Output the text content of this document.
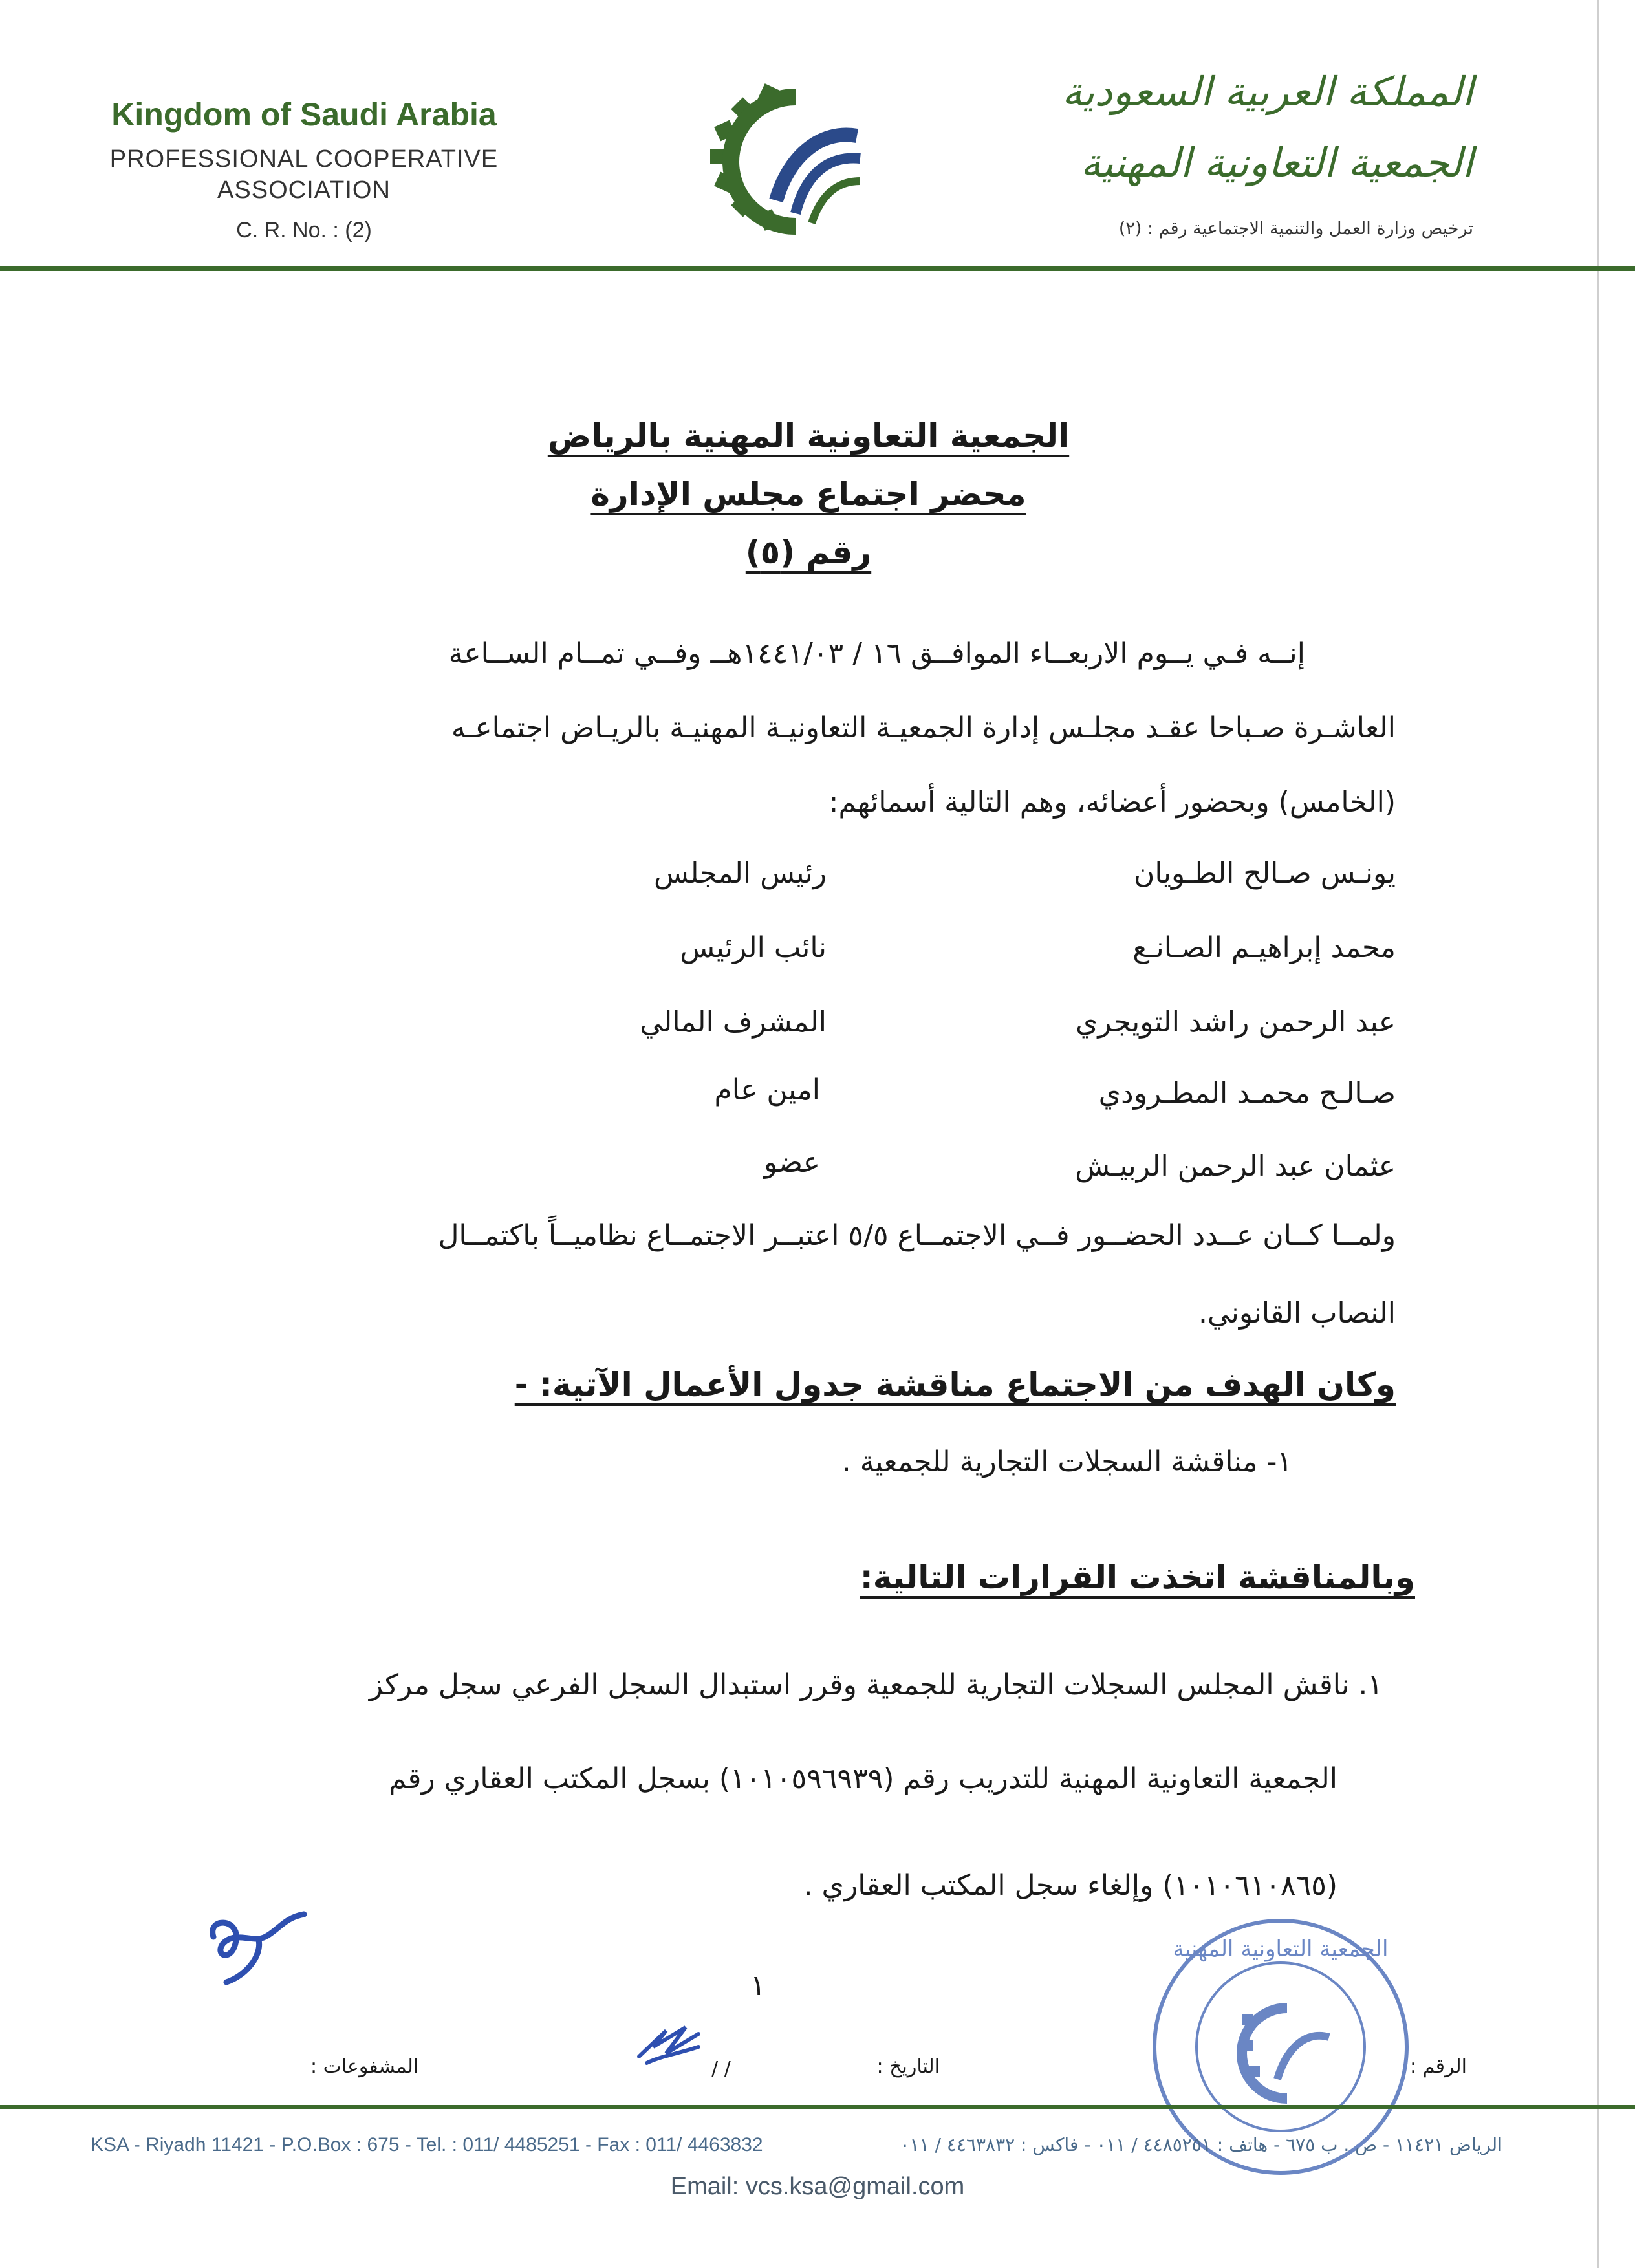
Kingdom of Saudi Arabia
PROFESSIONAL COOPERATIVE
ASSOCIATION
C. R. No. : (2)
المملكة العربية السعودية
الجمعية التعاونية المهنية
ترخيص وزارة العمل والتنمية الاجتماعية رقم : (٢)
الجمعية التعاونية المهنية بالرياض
محضر اجتماع مجلس الإدارة
رقم (٥)
إنــه فـي يــوم الاربعــاء الموافــق ١٦ / ١٤٤١/٠٣هــ وفــي تمــام الســاعة
العاشـرة صـباحا عقـد مجلـس إدارة الجمعيـة التعاونيـة المهنيـة بالريـاض اجتماعـه
(الخامس) وبحضور أعضائه، وهم التالية أسمائهم:
يونـس صـالح الطـويان
رئيس المجلس
محمد إبراهيـم الصـانـع
نائب الرئيس
عبد الرحمن راشد التويجري
المشرف المالي
صـالـح محمـد المطـرودي
امين عام
عثمان عبد الرحمن الربيـش
عضو
ولمــا كــان عــدد الحضــور فــي الاجتمــاع ٥/٥ اعتبــر الاجتمــاع نظاميــاً باكتمــال
النصاب القانوني.
وكان الهدف من الاجتماع مناقشة جدول الأعمال الآتية: -
١- مناقشة السجلات التجارية للجمعية .
وبالمناقشة اتخذت القرارات التالية:
١. ناقش المجلس السجلات التجارية للجمعية وقرر استبدال السجل الفرعي سجل مركز
الجمعية التعاونية المهنية للتدريب رقم (١٠١٠٥٩٦٩٣٩) بسجل المكتب العقاري رقم
(١٠١٠٦١٠٨٦٥) وإلغاء سجل المكتب العقاري .
١
الجمعية التعاونية المهنية
الرقم :
التاريخ :
/ /
المشفوعات :
KSA - Riyadh 11421 - P.O.Box : 675 - Tel. : 011/ 4485251 - Fax : 011/ 4463832	الرياض ١١٤٢١ - ص . ب ٦٧٥ - هاتف : ٤٤٨٥٢٥١ / ٠١١ - فاكس : ٤٤٦٣٨٣٢ / ٠١١
Email: vcs.ksa@gmail.com
